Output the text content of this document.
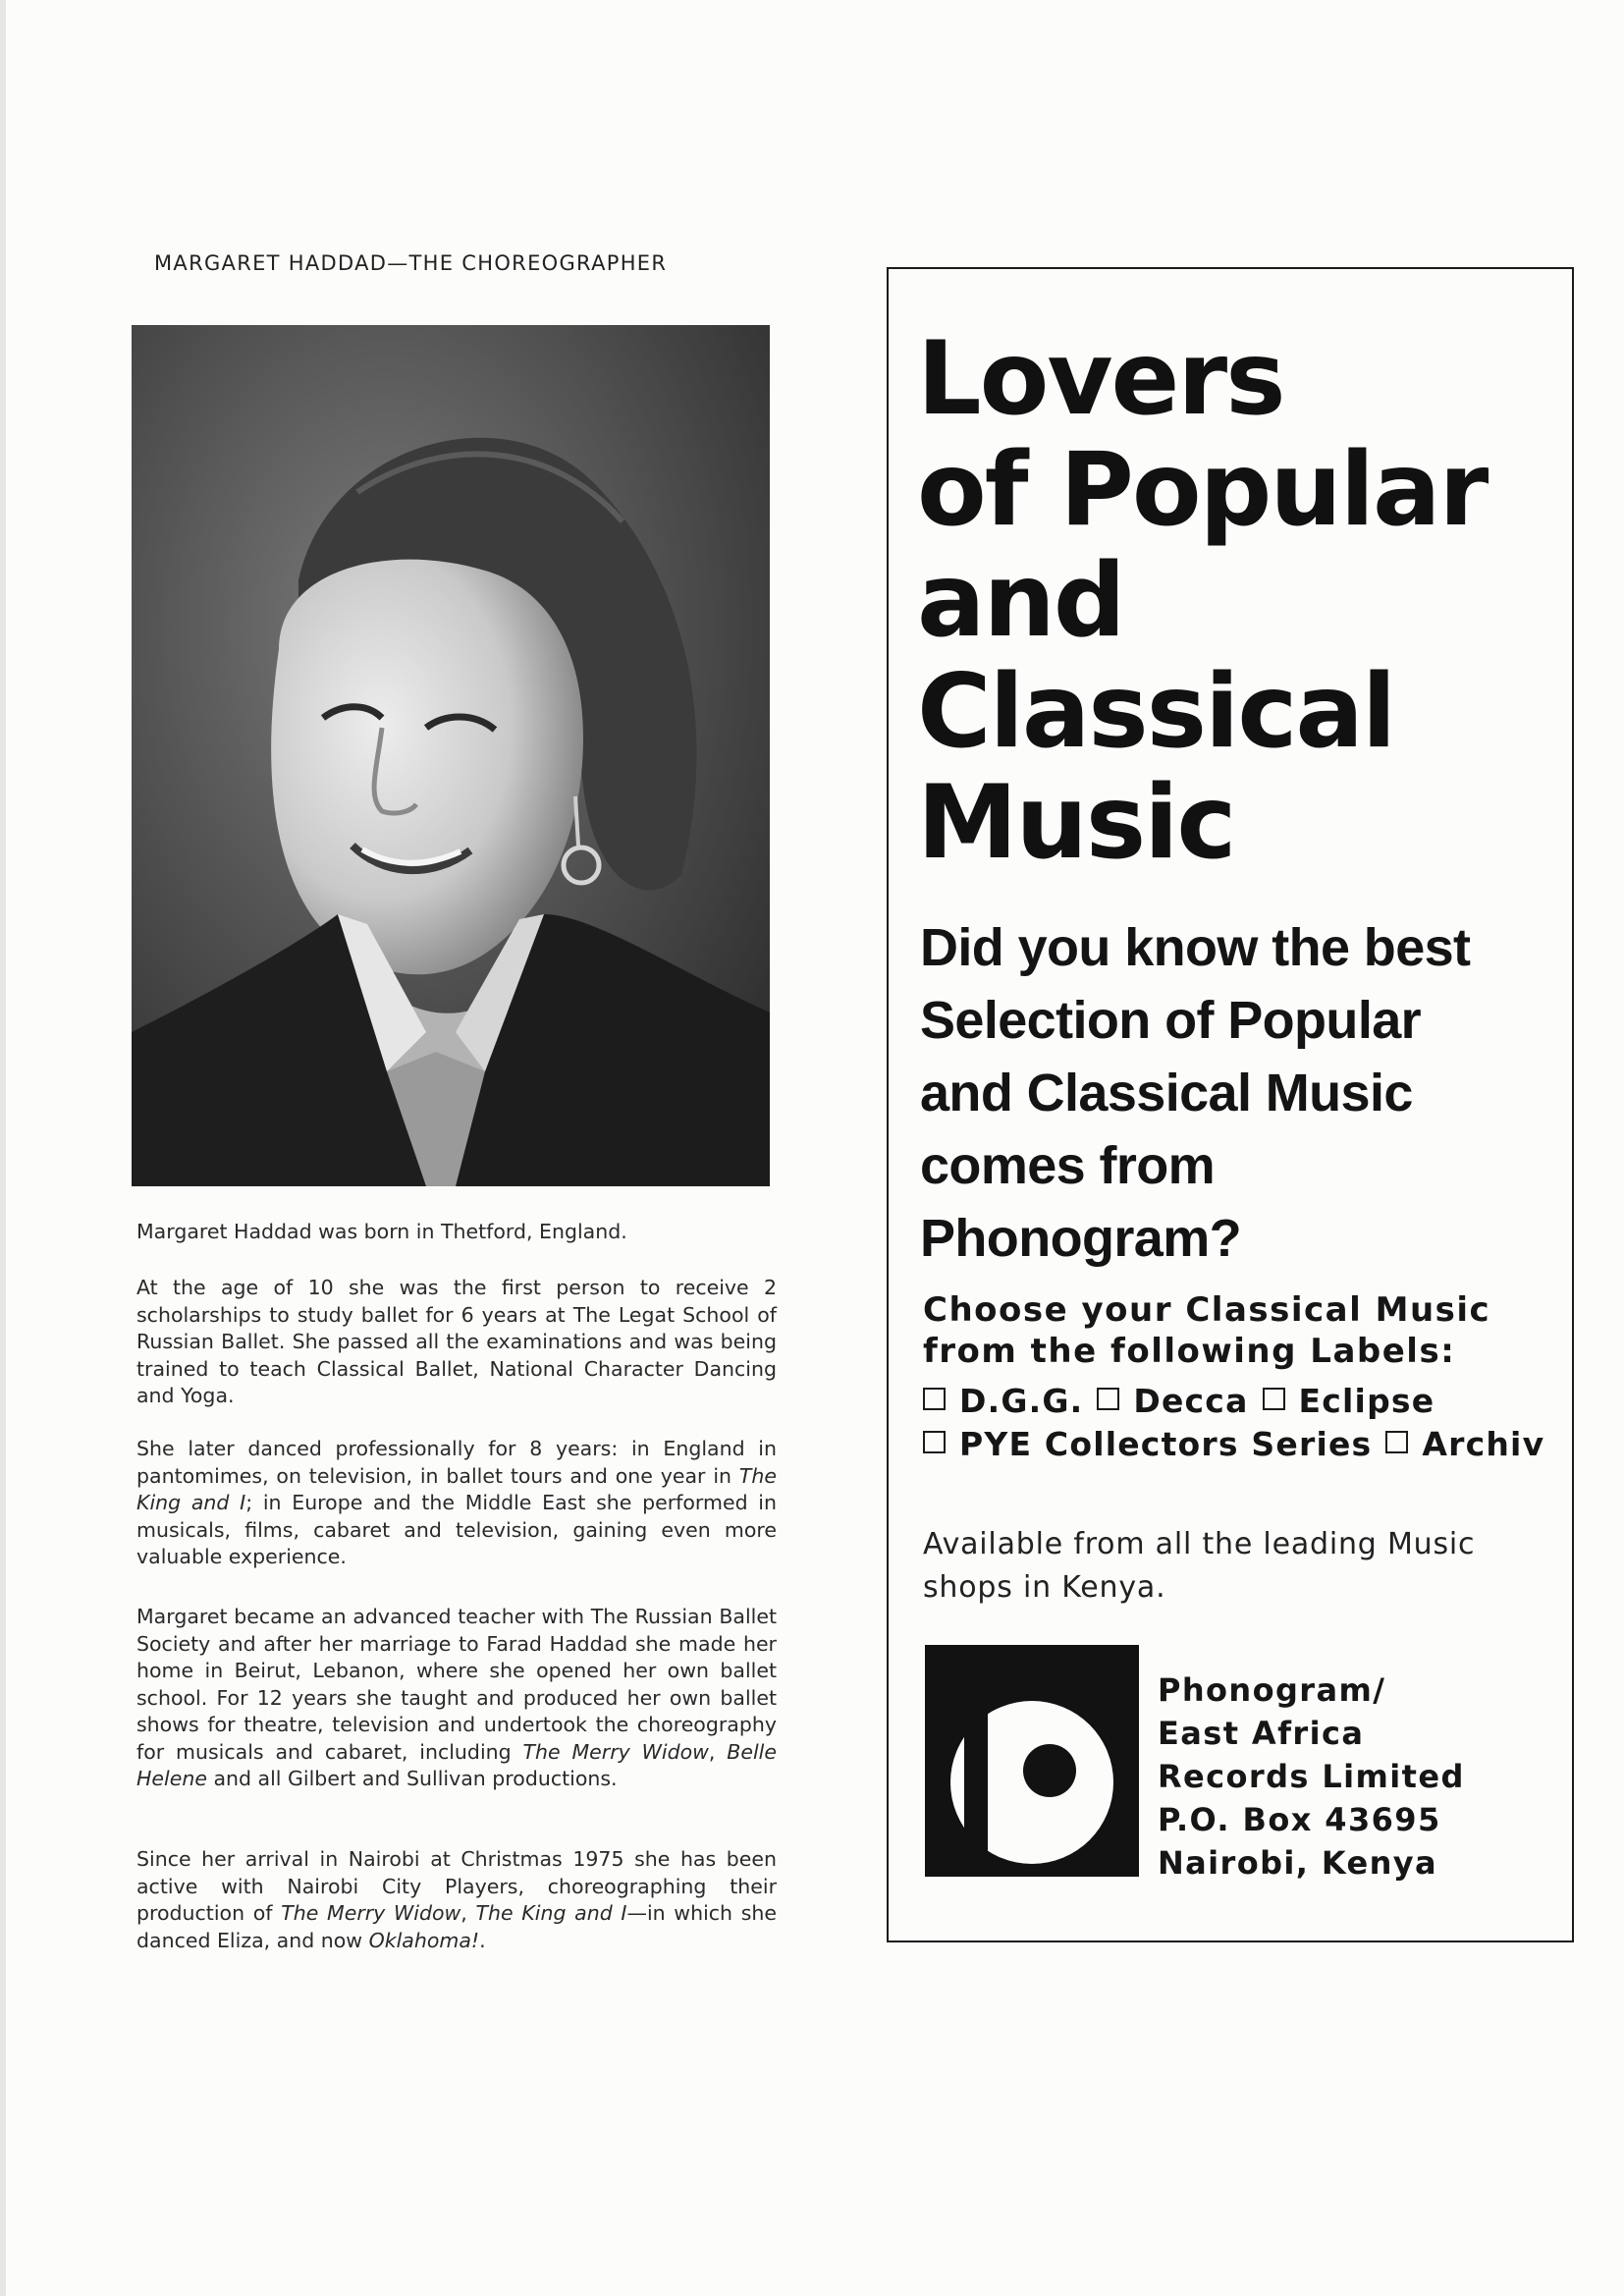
MARGARET HADDAD—THE CHOREOGRAPHER

Margaret Haddad was born in Thetford, England.

At the age of 10 she was the first person to receive 2 scholarships to study ballet for 6 years at The Legat School of Russian Ballet. She passed all the examinations and was being trained to teach Classical Ballet, National Character Dancing and Yoga.

She later danced professionally for 8 years: in England in pantomimes, on television, in ballet tours and one year in The King and I; in Europe and the Middle East she performed in musicals, films, cabaret and television, gaining even more valuable experience.

Margaret became an advanced teacher with The Russian Ballet Society and after her marriage to Farad Haddad she made her home in Beirut, Lebanon, where she opened her own ballet school. For 12 years she taught and produced her own ballet shows for theatre, television and undertook the choreography for musicals and cabaret, including The Merry Widow, Belle Helene and all Gilbert and Sullivan productions.

Since her arrival in Nairobi at Christmas 1975 she has been active with Nairobi City Players, choreographing their production of The Merry Widow, The King and I—in which she danced Eliza, and now Oklahoma!.

Lovers
of Popular
and
Classical
Music
Did you know the best
Selection of Popular
and Classical Music
comes from
Phonogram?
Choose your Classical Music
from the following Labels:
D.G.G. Decca Eclipse
PYE Collectors Series Archiv
Available from all the leading Music
shops in Kenya.
Phonogram/
East Africa
Records Limited
P.O. Box 43695
Nairobi, Kenya
